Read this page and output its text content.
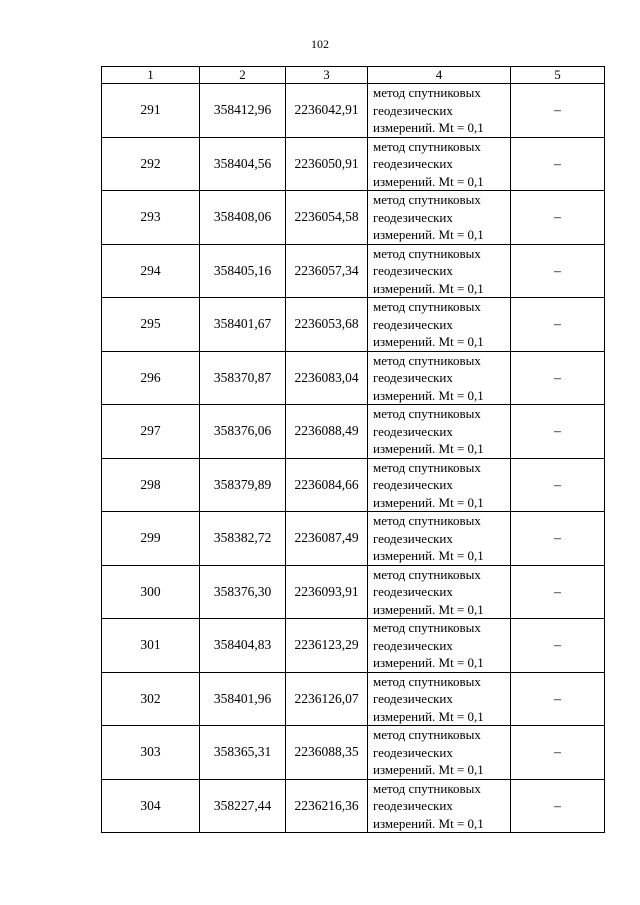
102
1	2	3	4	5
291	358412,96	2236042,91	метод спутниковых
геодезических
измерений. Mt = 0,1	–
292	358404,56	2236050,91	метод спутниковых
геодезических
измерений. Mt = 0,1	–
293	358408,06	2236054,58	метод спутниковых
геодезических
измерений. Mt = 0,1	–
294	358405,16	2236057,34	метод спутниковых
геодезических
измерений. Mt = 0,1	–
295	358401,67	2236053,68	метод спутниковых
геодезических
измерений. Mt = 0,1	–
296	358370,87	2236083,04	метод спутниковых
геодезических
измерений. Mt = 0,1	–
297	358376,06	2236088,49	метод спутниковых
геодезических
измерений. Mt = 0,1	–
298	358379,89	2236084,66	метод спутниковых
геодезических
измерений. Mt = 0,1	–
299	358382,72	2236087,49	метод спутниковых
геодезических
измерений. Mt = 0,1	–
300	358376,30	2236093,91	метод спутниковых
геодезических
измерений. Mt = 0,1	–
301	358404,83	2236123,29	метод спутниковых
геодезических
измерений. Mt = 0,1	–
302	358401,96	2236126,07	метод спутниковых
геодезических
измерений. Mt = 0,1	–
303	358365,31	2236088,35	метод спутниковых
геодезических
измерений. Mt = 0,1	–
304	358227,44	2236216,36	метод спутниковых
геодезических
измерений. Mt = 0,1	–
